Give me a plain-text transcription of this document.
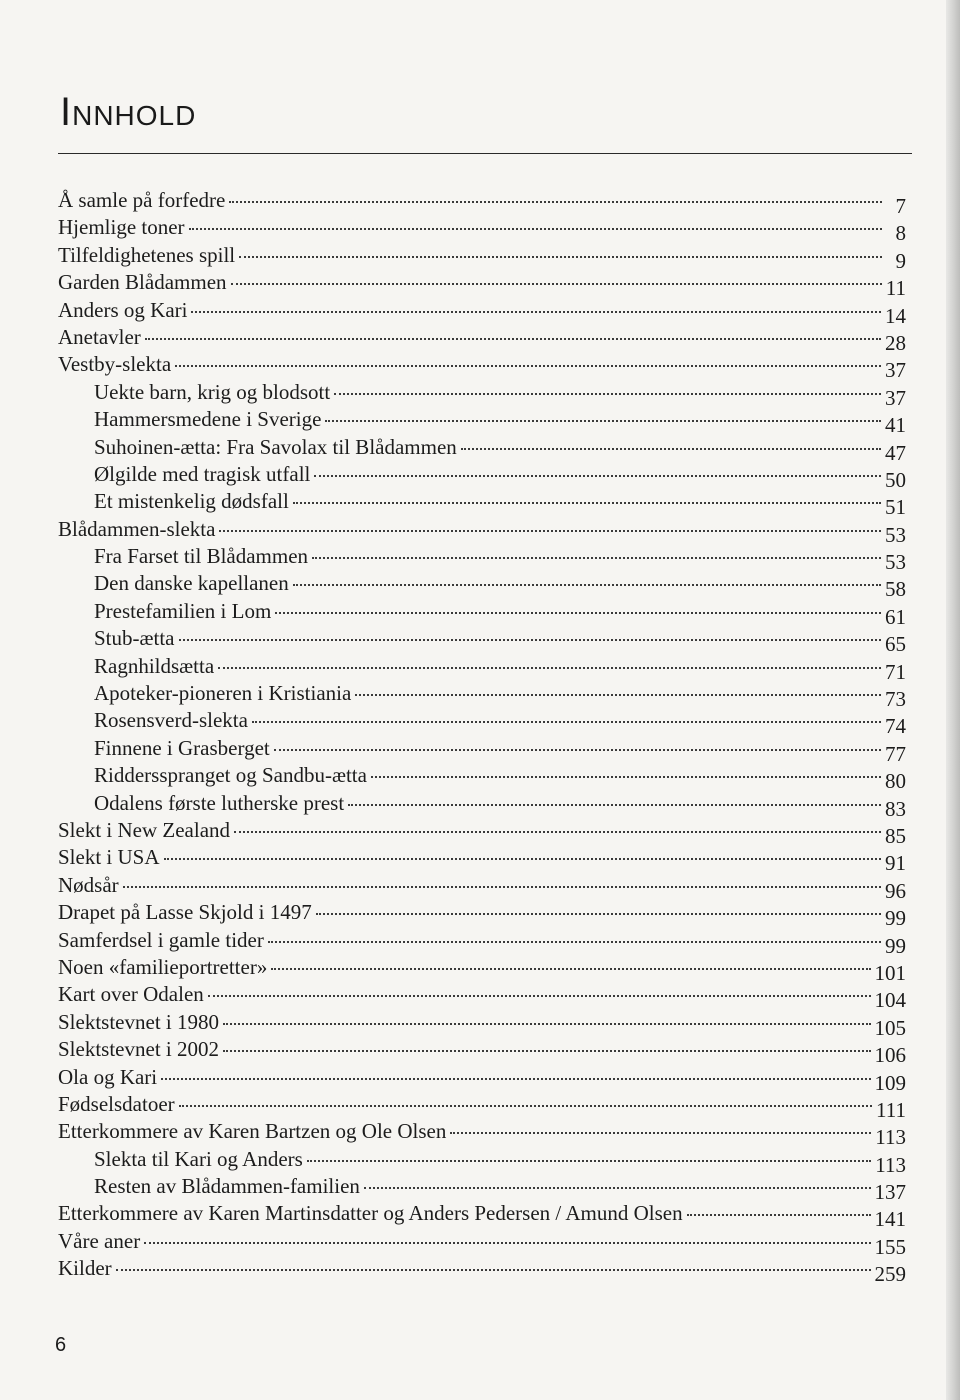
Innhold
Å samle på forfedre	7
Hjemlige toner	8
Tilfeldighetenes spill	9
Garden Blådammen	11
Anders og Kari	14
Anetavler	28
Vestby-slekta	37
Uekte barn, krig og blodsott	37
Hammersmedene i Sverige	41
Suhoinen-ætta: Fra Savolax til Blådammen	47
Ølgilde med tragisk utfall	50
Et mistenkelig dødsfall	51
Blådammen-slekta	53
Fra Farset til Blådammen	53
Den danske kapellanen	58
Prestefamilien i Lom	61
Stub-ætta	65
Ragnhildsætta	71
Apoteker-pioneren i Kristiania	73
Rosensverd-slekta	74
Finnene i Grasberget	77
Riddersspranget og Sandbu-ætta	80
Odalens første lutherske prest	83
Slekt i New Zealand	85
Slekt i USA	91
Nødsår	96
Drapet på Lasse Skjold i 1497	99
Samferdsel i gamle tider	99
Noen «familieportretter»	101
Kart over Odalen	104
Slektstevnet i 1980	105
Slektstevnet i 2002	106
Ola og Kari	109
Fødselsdatoer	111
Etterkommere av Karen Bartzen og Ole Olsen	113
Slekta til Kari og Anders	113
Resten av Blådammen-familien	137
Etterkommere av Karen Martinsdatter og Anders Pedersen / Amund Olsen	141
Våre aner	155
Kilder	259
6
